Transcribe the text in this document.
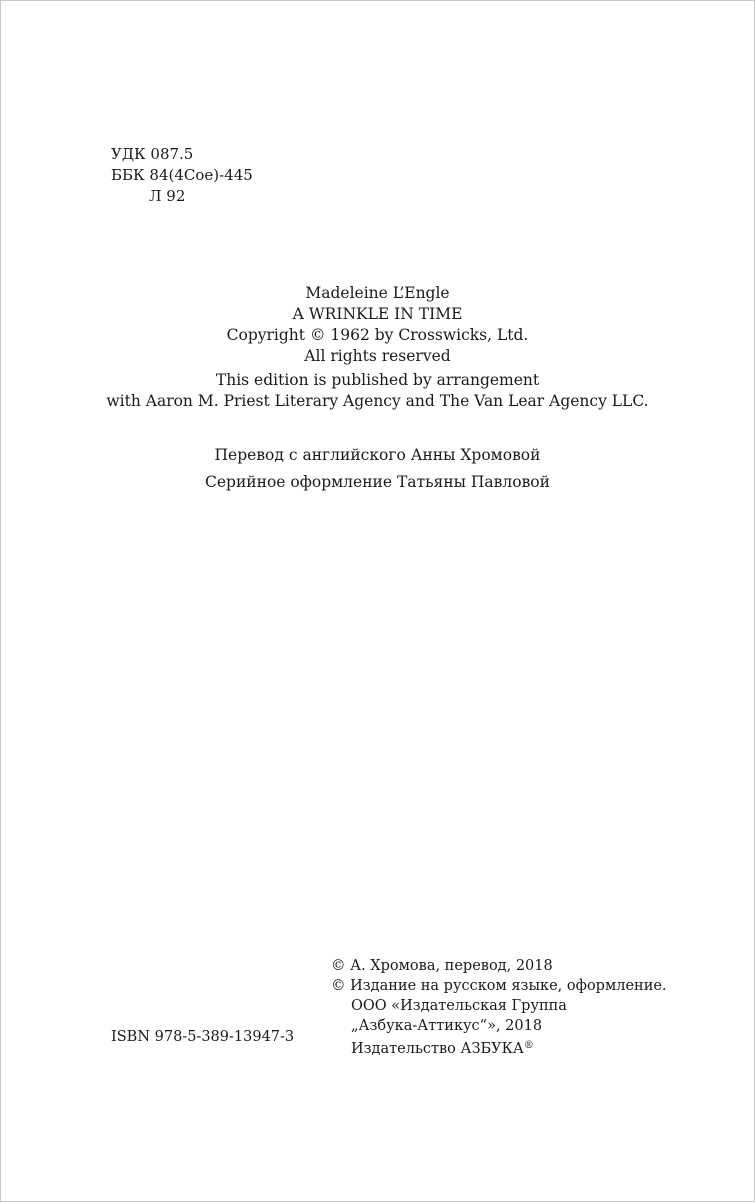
УДК 087.5
ББК 84(4Сое)-445
Л 92
Madeleine L’Engle
A WRINKLE IN TIME
Copyright © 1962 by Crosswicks, Ltd.
All rights reserved
This edition is published by arrangement
with Aaron M. Priest Literary Agency and The Van Lear Agency LLC.
Перевод с английского Анны Хромовой
Серийное оформление Татьяны Павловой
ISBN 978-5-389-13947-3
© А. Хромова, перевод, 2018
© Издание на русском языке, оформление.
ООО «Издательская Группа
„Азбука-Аттикус“», 2018
Издательство АЗБУКА®
